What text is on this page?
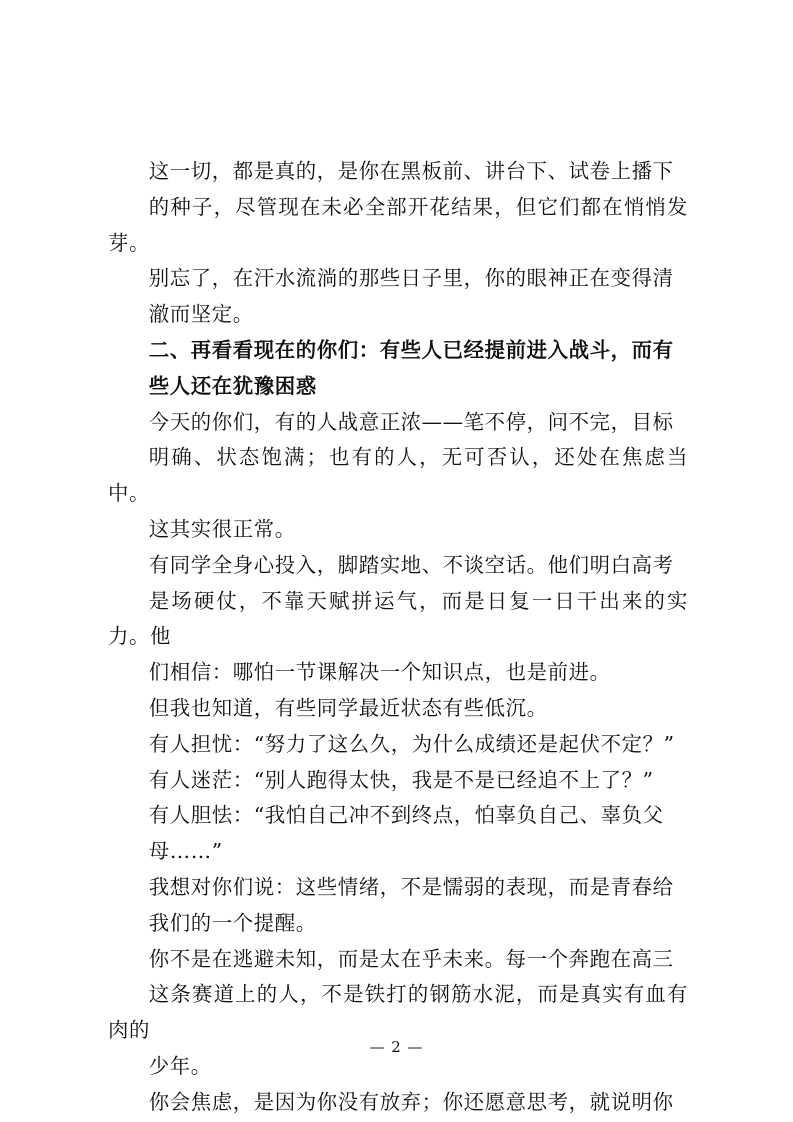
这一切，都是真的，是你在黑板前、讲台下、试卷上播下
的种子，尽管现在未必全部开花结果，但它们都在悄悄发芽。

别忘了，在汗水流淌的那些日子里，你的眼神正在变得清
澈而坚定。

二、再看看现在的你们：有些人已经提前进入战斗，而有
些人还在犹豫困惑

今天的你们，有的人战意正浓——笔不停，问不完，目标
明确、状态饱满；也有的人，无可否认，还处在焦虑当中。

这其实很正常。

有同学全身心投入，脚踏实地、不谈空话。他们明白高考
是场硬仗，不靠天赋拼运气，而是日复一日干出来的实力。他
们相信：哪怕一节课解决一个知识点，也是前进。

但我也知道，有些同学最近状态有些低沉。

有人担忧：“努力了这么久，为什么成绩还是起伏不定？”

有人迷茫：“别人跑得太快，我是不是已经追不上了？”

有人胆怯：“我怕自己冲不到终点，怕辜负自己、辜负父
母……”

我想对你们说：这些情绪，不是懦弱的表现，而是青春给
我们的一个提醒。

你不是在逃避未知，而是太在乎未来。每一个奔跑在高三
这条赛道上的人，不是铁打的钢筋水泥，而是真实有血有肉的
少年。

你会焦虑，是因为你没有放弃；你还愿意思考，就说明你

— 2 —
